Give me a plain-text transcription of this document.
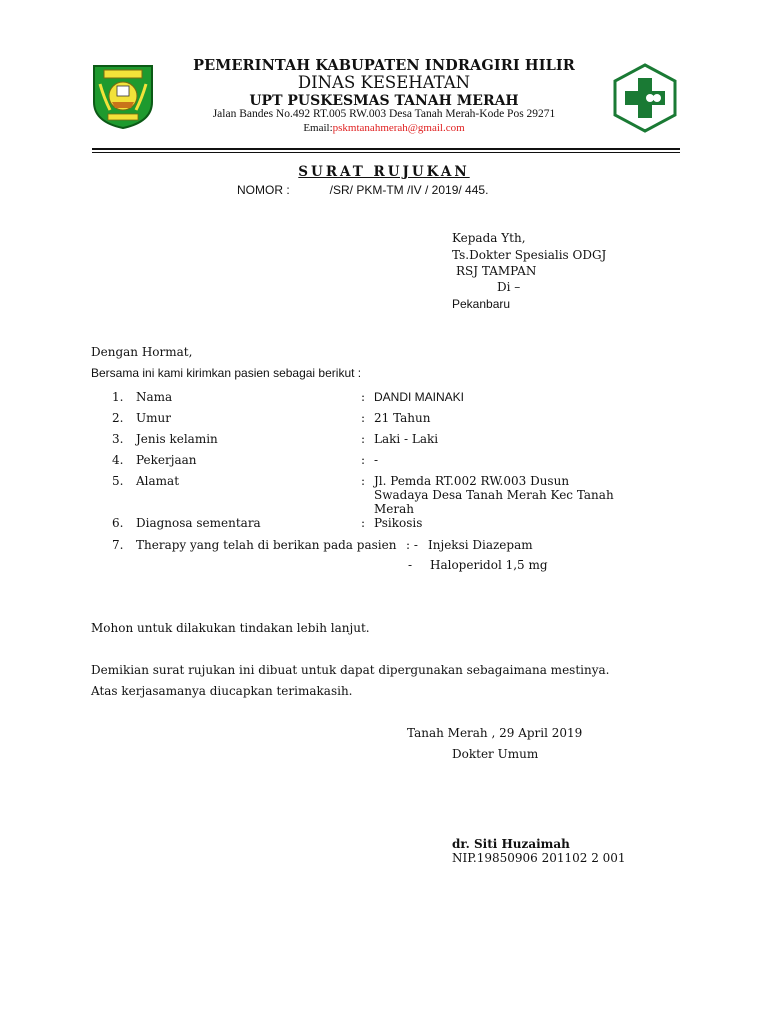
PEMERINTAH KABUPATEN INDRAGIRI HILIR
DINAS KESEHATAN
UPT PUSKESMAS TANAH MERAH
Jalan Bandes No.492 RT.005 RW.003 Desa Tanah Merah-Kode Pos 29271
Email:pskmtanahmerah@gmail.com
SURAT RUJUKAN
NOMOR :	/SR/ PKM-TM /IV / 2019/ 445.
Kepada Yth,
Ts.Dokter Spesialis ODGJ
RSJ TAMPAN
Di –
Pekanbaru
Dengan Hormat,
Bersama ini kami kirimkan pasien sebagai berikut :
1.	Nama	: DANDI MAINAKI
2.	Umur	: 21 Tahun
3.	Jenis kelamin	: Laki - Laki
4.	Pekerjaan	: -
5.	Alamat	: Jl. Pemda RT.002 RW.003 Dusun
Swadaya Desa Tanah Merah Kec Tanah
Merah
6.	Diagnosa sementara	: Psikosis
7.	Therapy yang telah di berikan pada pasien : - Injeksi Diazepam
- Haloperidol 1,5 mg
Mohon untuk dilakukan tindakan lebih lanjut.
Demikian surat rujukan ini dibuat untuk dapat dipergunakan sebagaimana mestinya.
Atas kerjasamanya diucapkan terimakasih.
Tanah Merah , 29 April 2019
Dokter Umum
dr. Siti Huzaimah
NIP.19850906 201102 2 001
